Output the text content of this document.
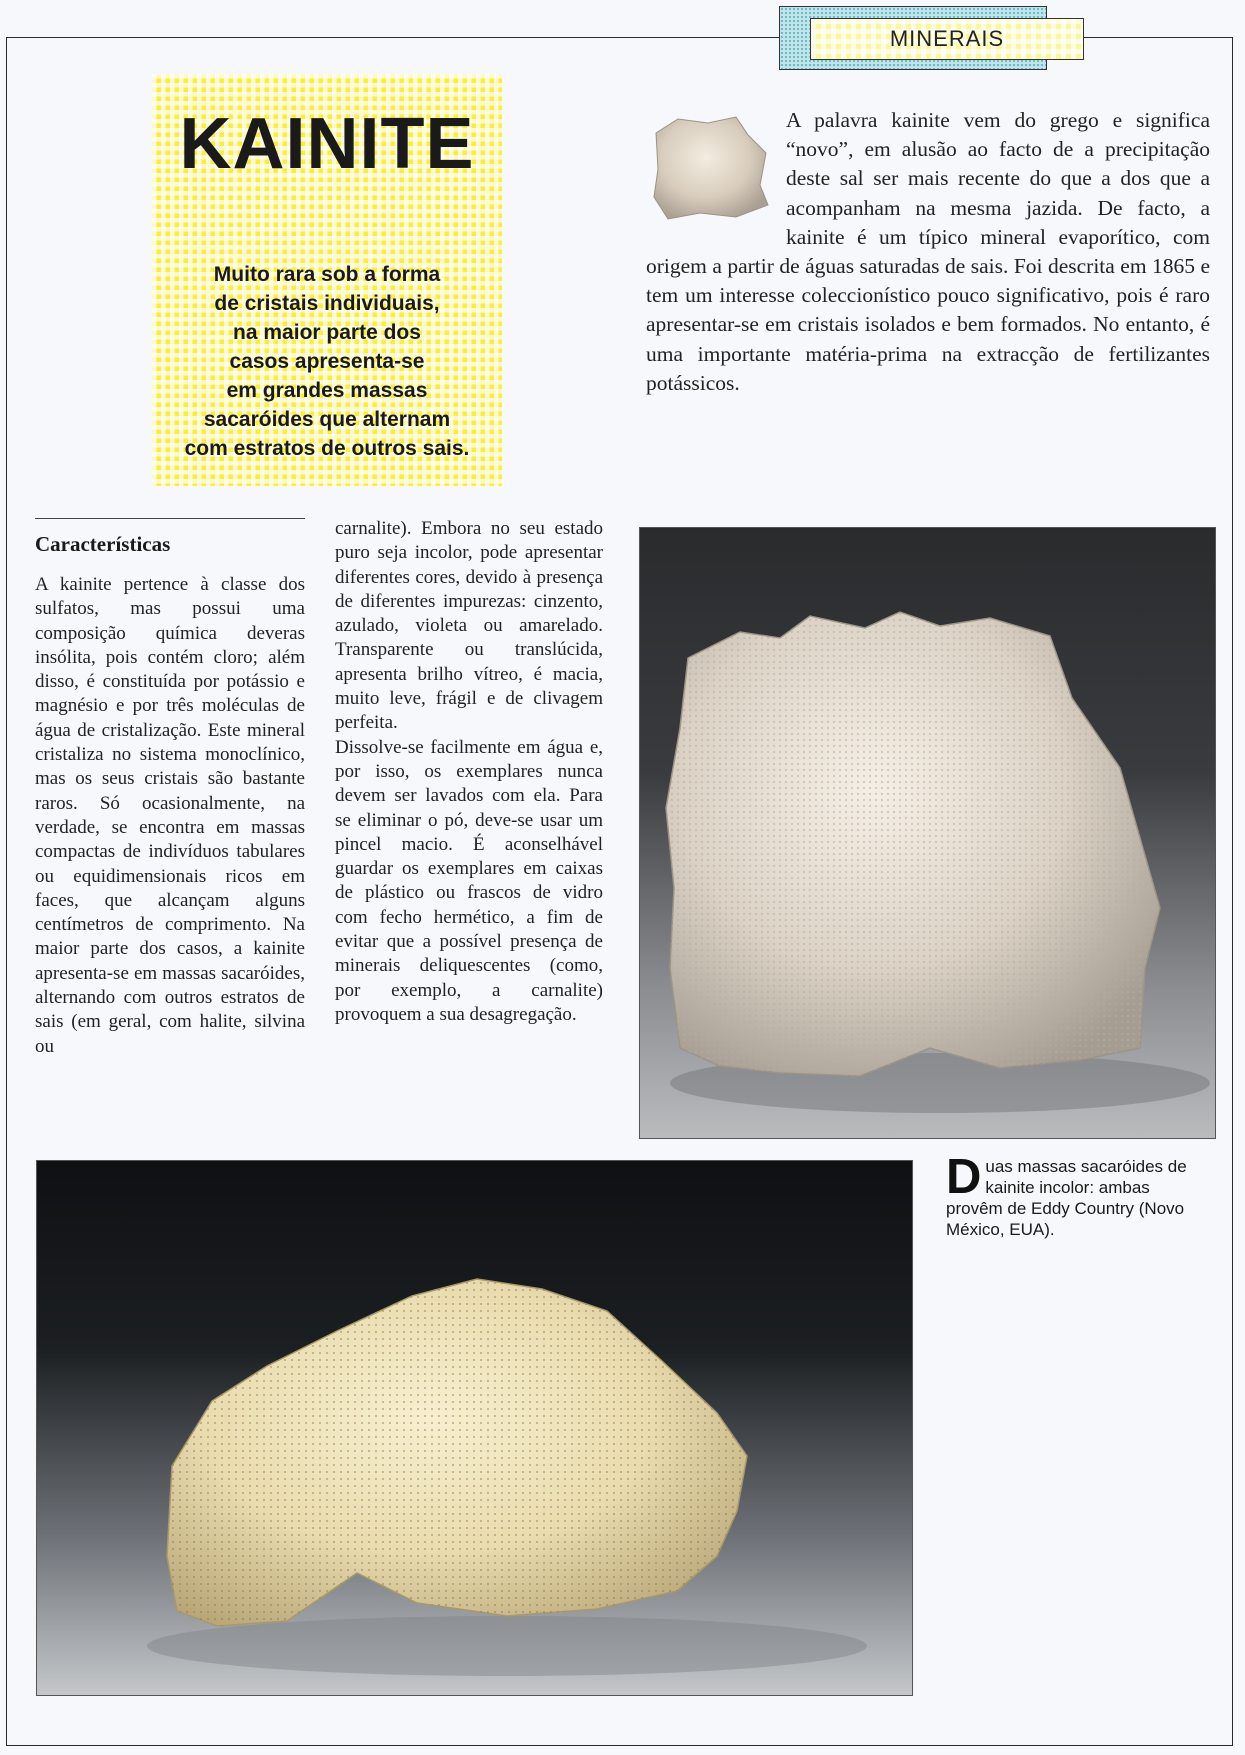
MINERAIS
KAINITE
Muito rara sob a forma
de cristais individuais,
na maior parte dos
casos apresenta-se
em grandes massas
sacaróides que alternam
com estratos de outros sais.
A palavra kainite vem do grego e significa “novo”, em alusão ao facto de a precipitação deste sal ser mais recente do que a dos que a acompanham na mesma jazida. De facto, a kainite é um típico mineral evaporítico, com origem a partir de águas saturadas de sais. Foi descrita em 1865 e tem um interesse coleccionístico pouco significativo, pois é raro apresentar-se em cristais isolados e bem formados. No entanto, é uma importante matéria-prima na extracção de fertilizantes potássicos.
Características
A kainite pertence à classe dos sulfatos, mas possui uma composição química deveras insólita, pois contém cloro; além disso, é constituída por potássio e magnésio e por três moléculas de água de cristalização. Este mineral cristaliza no sistema monoclínico, mas os seus cristais são bastante raros. Só ocasionalmente, na verdade, se encontra em massas compactas de indivíduos tabulares ou equidimensionais ricos em faces, que alcançam alguns centímetros de comprimento. Na maior parte dos casos, a kainite apresenta-se em massas sacaróides, alternando com outros estratos de sais (em geral, com halite, silvina ou
carnalite). Embora no seu estado puro seja incolor, pode apresentar diferentes cores, devido à presença de diferentes impurezas: cinzento, azulado, violeta ou amarelado. Transparente ou translúcida, apresenta brilho vítreo, é macia, muito leve, frágil e de clivagem perfeita.
Dissolve-se facilmente em água e, por isso, os exemplares nunca devem ser lavados com ela. Para se eliminar o pó, deve-se usar um pincel macio. É aconselhável guardar os exemplares em caixas de plástico ou frascos de vidro com fecho hermético, a fim de evitar que a possível presença de minerais deliquescentes (como, por exemplo, a carnalite) provoquem a sua desagregação.
Duas massas sacaróides de kainite incolor: ambas provêm de Eddy Country (Novo México, EUA).
